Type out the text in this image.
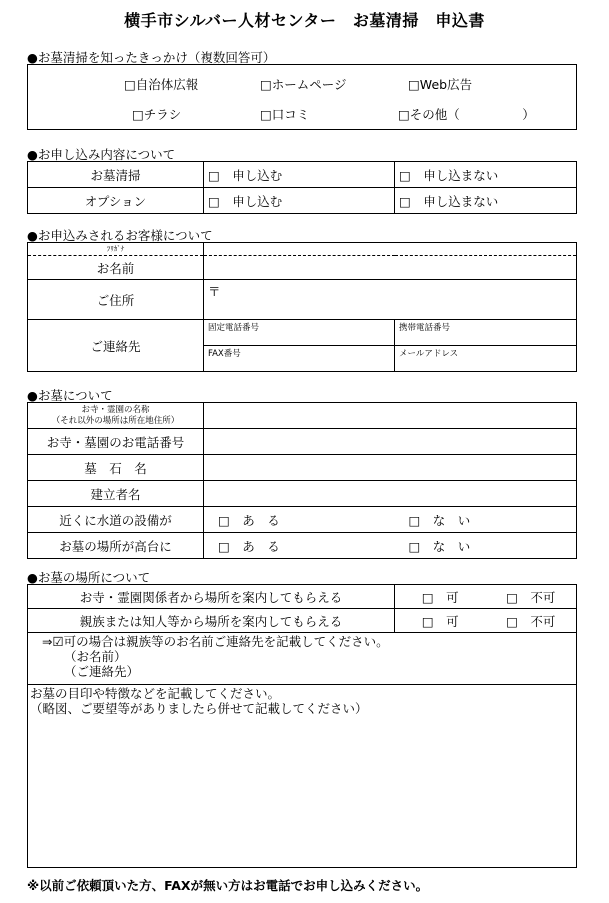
横手市シルバー人材センター　お墓清掃　申込書
●お墓清掃を知ったきっかけ（複数回答可）
□自治体広報	□ホームページ	□Web広告
□チラシ	□口コミ	□その他（　　　　　）
●お申し込み内容について
お墓清掃	□　申し込む	□　申し込まない
オプション	□　申し込む	□　申し込まない
●お申込みされるお客様について
ﾌﾘｶﾞﾅ		
お名前		
ご住所	〒	
ご連絡先	固定電話番号	携帯電話番号
	FAX番号	メールアドレス
●お墓について
お寺・霊園の名称
（それ以外の場所は所在地住所）		

お寺・墓園のお電話番号		
墓　石　名		
建立者名		
近くに水道の設備が	□　あ　る	□　な　い
お墓の場所が高台に	□　あ　る	□　な　い
●お墓の場所について
お寺・霊園関係者から場所を案内してもらえる	□　可	□　不可
親族または知人等から場所を案内してもらえる	□　可	□　不可

⇒☑可の場合は親族等のお名前ご連絡先を記載してください。
（お名前）
（ご連絡先）		

お墓の目印や特徴などを記載してください。
（略図、ご要望等がありましたら併せて記載してください）		
※以前ご依頼頂いた方、FAXが無い方はお電話でお申し込みください。
